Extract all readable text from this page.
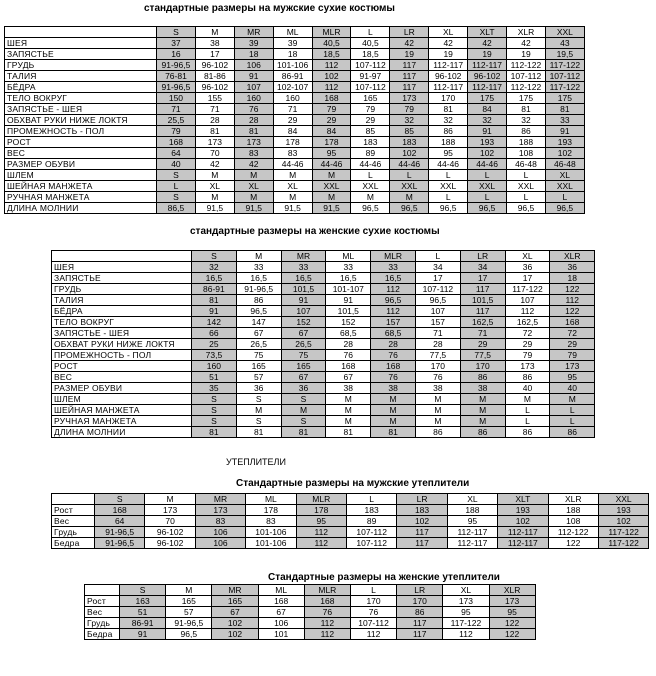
стандартные размеры на мужские сухие костюмы
	S	M	MR	ML	MLR	L	LR	XL	XLT	XLR	XXL
ШЕЯ	37	38	39	39	40,5	40,5	42	42	42	42	43
ЗАПЯСТЬЕ	16	17	18	18	18,5	18,5	19	19	19	19	19,5
ГРУДЬ	91-96,5	96-102	106	101-106	112	107-112	117	112-117	112-117	112-122	117-122
ТАЛИЯ	76-81	81-86	91	86-91	102	91-97	117	96-102	96-102	107-112	107-112
БЁДРА	91-96,5	96-102	107	102-107	112	107-112	117	112-117	112-117	112-122	117-122
ТЕЛО ВОКРУГ	150	155	160	160	168	165	173	170	175	175	175
ЗАПЯСТЬЕ - ШЕЯ	71	71	76	71	79	79	79	81	84	81	81
ОБХВАТ РУКИ НИЖЕ ЛОКТЯ	25,5	28	28	29	29	29	32	32	32	32	33
ПРОМЕЖНОСТЬ - ПОЛ	79	81	81	84	84	85	85	86	91	86	91
РОСТ	168	173	173	178	178	183	183	188	193	188	193
ВЕС	64	70	83	83	95	89	102	95	102	108	102
РАЗМЕР ОБУВИ	40	42	42	44-46	44-46	44-46	44-46	44-46	44-46	46-48	46-48
ШЛЕМ	S	M	M	M	M	L	L	L	L	L	XL
ШЕЙНАЯ МАНЖЕТА	L	XL	XL	XL	XXL	XXL	XXL	XXL	XXL	XXL	XXL
РУЧНАЯ МАНЖЕТА	S	M	M	M	M	M	M	L	L	L	L
ДЛИНА МОЛНИИ	86,5	91,5	91,5	91,5	91,5	96,5	96,5	96,5	96,5	96,5	96,5
стандартные размеры на женские сухие костюмы
	S	M	MR	ML	MLR	L	LR	XL	XLR
ШЕЯ	32	33	33	33	33	34	34	36	36
ЗАПЯСТЬЕ	16,5	16,5	16,5	16,5	16,5	17	17	17	18
ГРУДЬ	86-91	91-96,5	101,5	101-107	112	107-112	117	117-122	122
ТАЛИЯ	81	86	91	91	96,5	96,5	101,5	107	112
БЁДРА	91	96,5	107	101,5	112	107	117	112	122
ТЕЛО ВОКРУГ	142	147	152	152	157	157	162,5	162,5	168
ЗАПЯСТЬЕ - ШЕЯ	66	67	67	68,5	68,5	71	71	72	72
ОБХВАТ РУКИ НИЖЕ ЛОКТЯ	25	26,5	26,5	28	28	28	29	29	29
ПРОМЕЖНОСТЬ - ПОЛ	73,5	75	75	76	76	77,5	77,5	79	79
РОСТ	160	165	165	168	168	170	170	173	173
ВЕС	51	57	67	67	76	76	86	86	95
РАЗМЕР ОБУВИ	35	36	36	38	38	38	38	40	40
ШЛЕМ	S	S	S	M	M	M	M	M	M
ШЕЙНАЯ МАНЖЕТА	S	M	M	M	M	M	M	L	L
РУЧНАЯ МАНЖЕТА	S	S	S	M	M	M	M	L	L
ДЛИНА МОЛНИИ	81	81	81	81	81	86	86	86	86
УТЕПЛИТЕЛИ
Стандартные размеры на мужские утеплители
	S	M	MR	ML	MLR	L	LR	XL	XLT	XLR	XXL
Рост	168	173	173	178	178	183	183	188	193	188	193
Вес	64	70	83	83	95	89	102	95	102	108	102
Грудь	91-96,5	96-102	106	101-106	112	107-112	117	112-117	112-117	112-122	117-122
Бедра	91-96,5	96-102	106	101-106	112	107-112	117	112-117	112-117	122	117-122
Стандартные размеры на женские утеплители
	S	M	MR	ML	MLR	L	LR	XL	XLR
Рост	163	165	165	168	168	170	170	173	173
Вес	51	57	67	67	76	76	86	95	95
Грудь	86-91	91-96,5	102	106	112	107-112	117	117-122	122
Бедра	91	96,5	102	101	112	112	117	112	122
